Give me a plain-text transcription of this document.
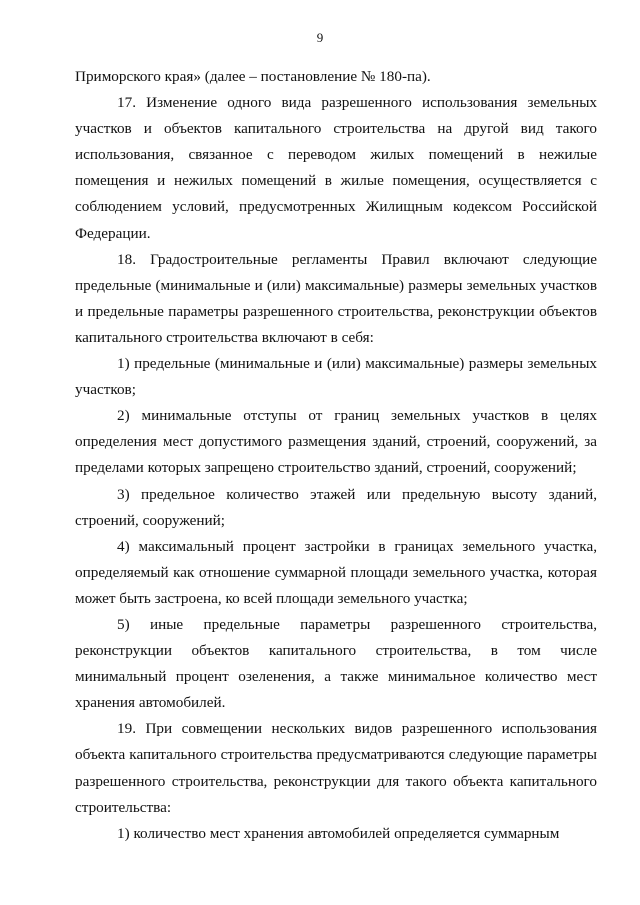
9

Приморского края» (далее – постановление № 180-па).

17. Изменение одного вида разрешенного использования земельных участков и объектов капитального строительства на другой вид такого использования, связанное с переводом жилых помещений в нежилые помещения и нежилых помещений в жилые помещения, осуществляется с соблюдением условий, предусмотренных Жилищным кодексом Российской Федерации.

18. Градостроительные регламенты Правил включают следующие предельные (минимальные и (или) максимальные) размеры земельных участков и предельные параметры разрешенного строительства, реконструкции объектов капитального строительства включают в себя:

1) предельные (минимальные и (или) максимальные) размеры земельных участков;

2) минимальные отступы от границ земельных участков в целях определения мест допустимого размещения зданий, строений, сооружений, за пределами которых запрещено строительство зданий, строений, сооружений;

3) предельное количество этажей или предельную высоту зданий, строений, сооружений;

4) максимальный процент застройки в границах земельного участка, определяемый как отношение суммарной площади земельного участка, которая может быть застроена, ко всей площади земельного участка;

5) иные предельные параметры разрешенного строительства, реконструкции объектов капитального строительства, в том числе минимальный процент озеленения, а также минимальное количество мест хранения автомобилей.

19. При совмещении нескольких видов разрешенного использования объекта капитального строительства предусматриваются следующие параметры разрешенного строительства, реконструкции для такого объекта капитального строительства:

1) количество мест хранения автомобилей определяется суммарным
